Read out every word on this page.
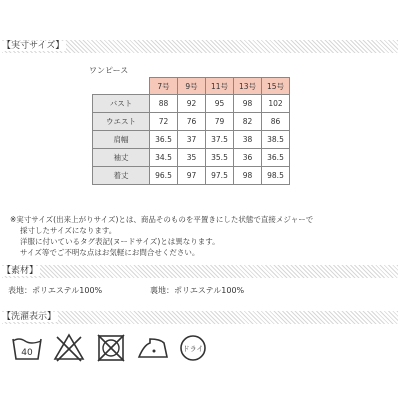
【実寸サイズ】
ワンピース
	7号	9号	11号	13号	15号
バスト	88	92	95	98	102
ウエスト	72	76	79	82	86
肩幅	36.5	37	37.5	38	38.5
袖丈	34.5	35	35.5	36	36.5
着丈	96.5	97	97.5	98	98.5
※実寸サイズ(出来上がりサイズ)とは、商品そのものを平置きにした状態で直接メジャーで
採寸したサイズになります。
洋服に付いているタグ表記(ヌードサイズ)とは異なります。
サイズ等でご不明な点はお気軽にお問合せください。
【素材】
表地：ポリエステル100%	裏地：ポリエステル100%
【洗濯表示】
40	ドライ
